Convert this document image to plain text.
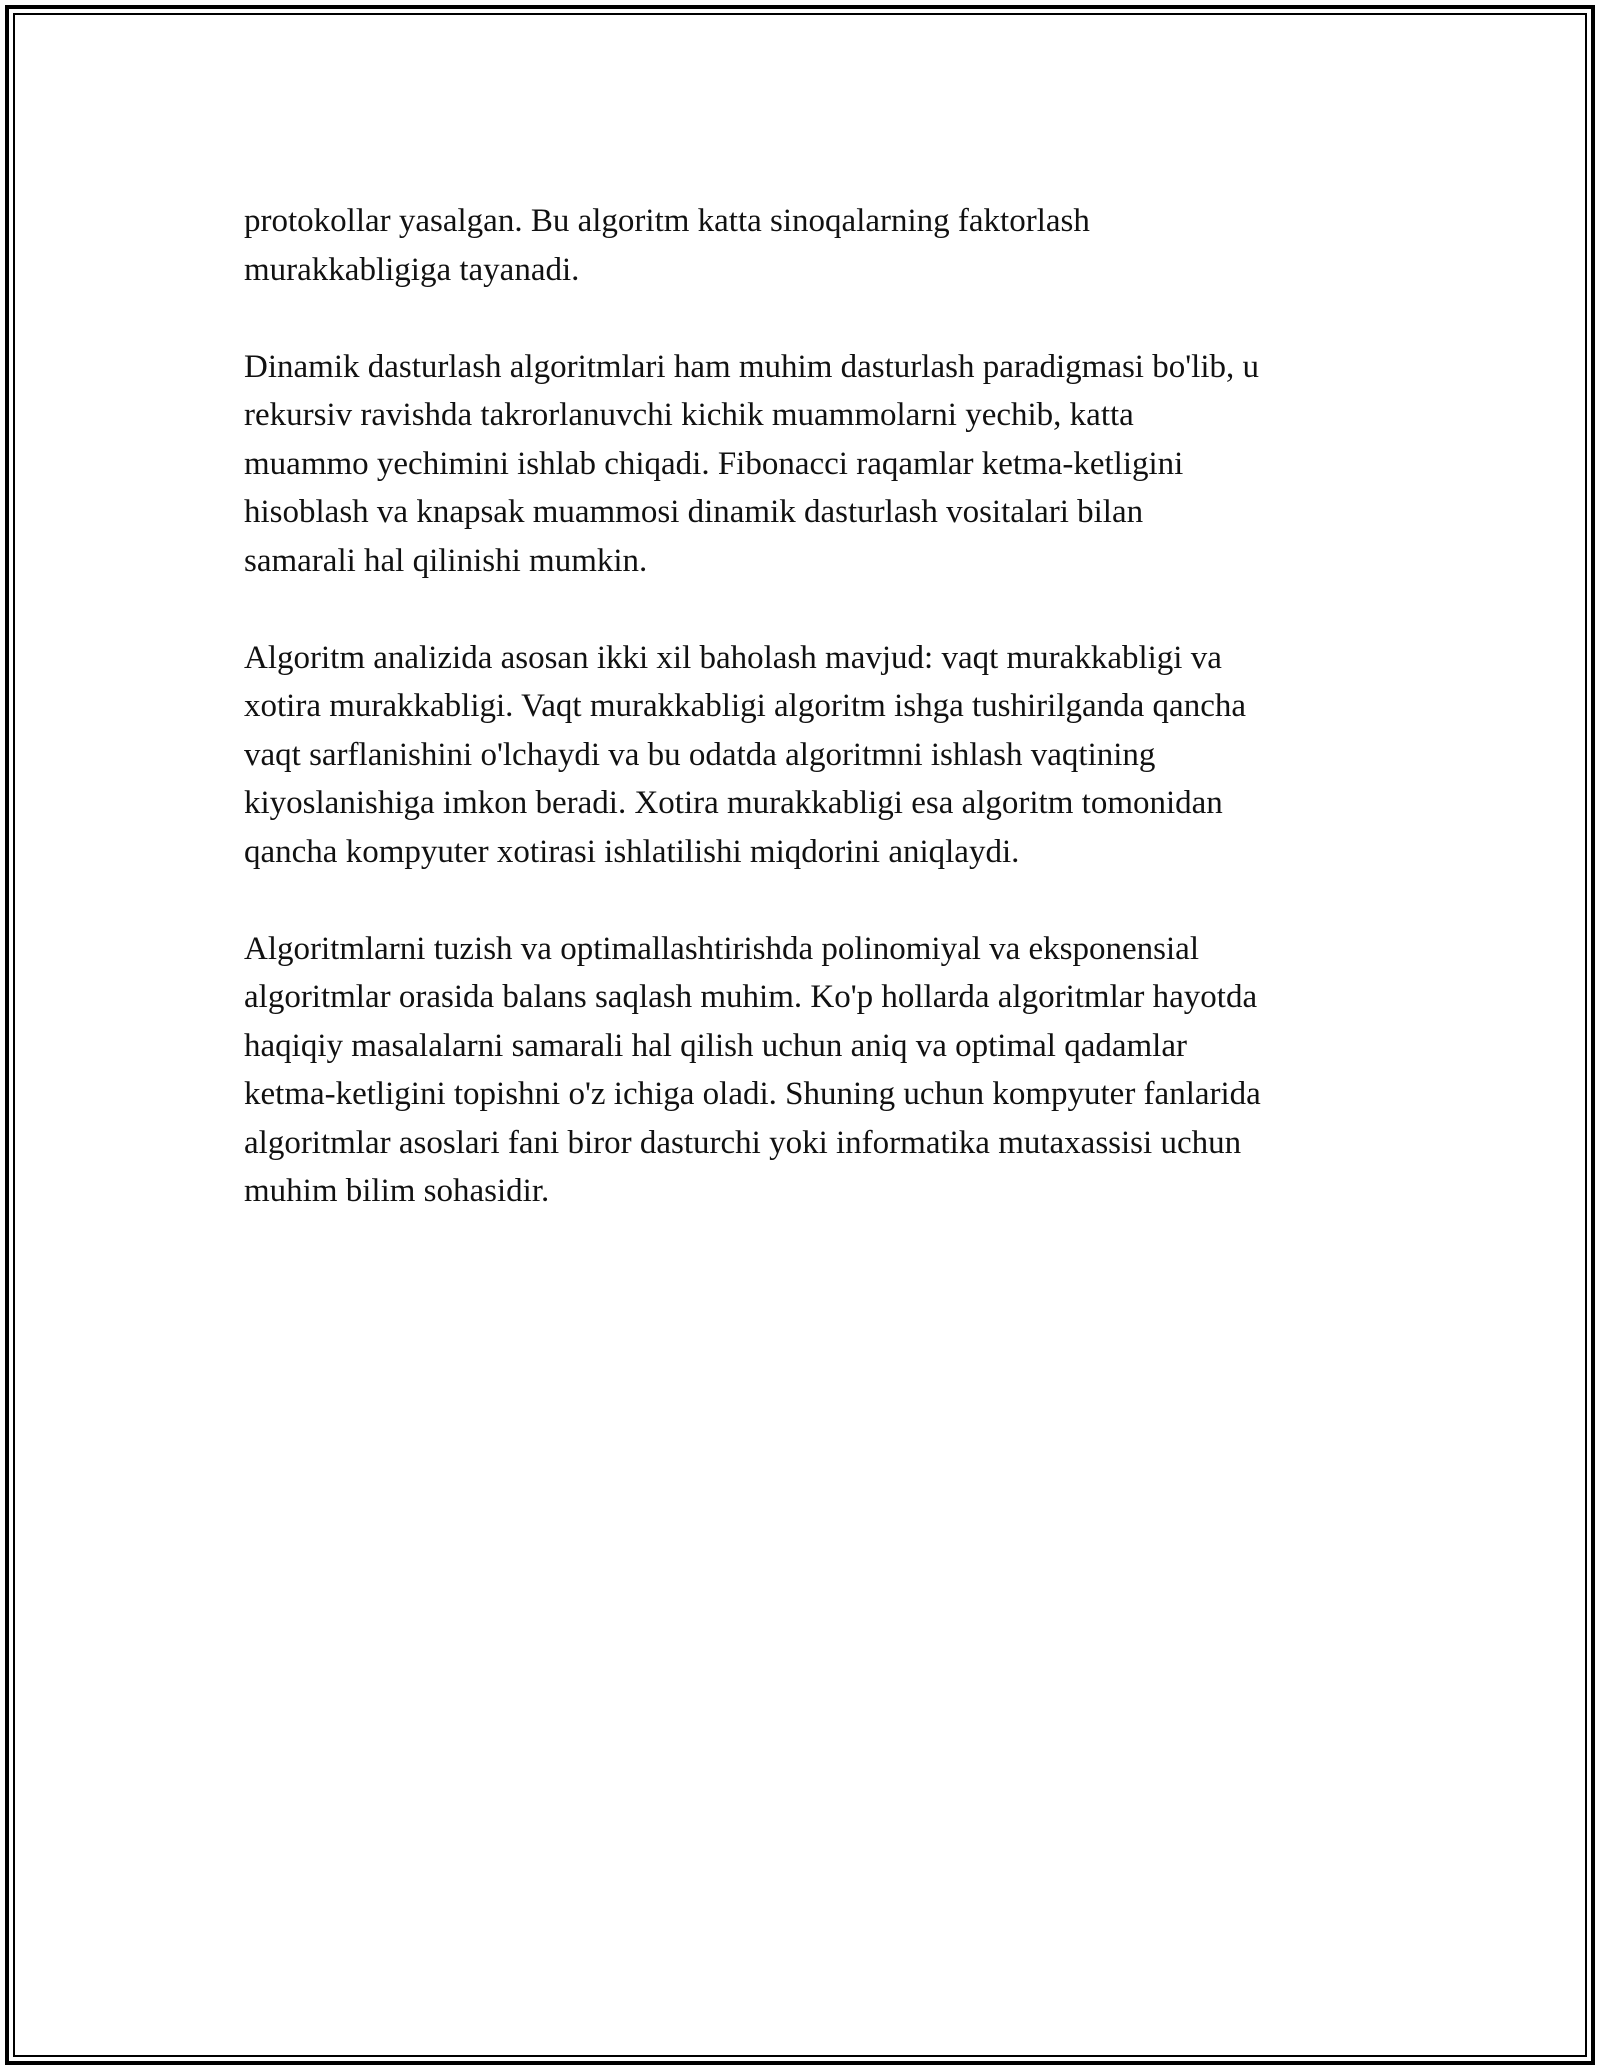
protokollar yasalgan. Bu algoritm katta sinoqalarning faktorlash
murakkabligiga tayanadi.

Dinamik dasturlash algoritmlari ham muhim dasturlash paradigmasi bo'lib, u
rekursiv ravishda takrorlanuvchi kichik muammolarni yechib, katta
muammo yechimini ishlab chiqadi. Fibonacci raqamlar ketma-ketligini
hisoblash va knapsak muammosi dinamik dasturlash vositalari bilan
samarali hal qilinishi mumkin.

Algoritm analizida asosan ikki xil baholash mavjud: vaqt murakkabligi va
xotira murakkabligi. Vaqt murakkabligi algoritm ishga tushirilganda qancha
vaqt sarflanishini o'lchaydi va bu odatda algoritmni ishlash vaqtining
kiyoslanishiga imkon beradi. Xotira murakkabligi esa algoritm tomonidan
qancha kompyuter xotirasi ishlatilishi miqdorini aniqlaydi.

Algoritmlarni tuzish va optimallashtirishda polinomiyal va eksponensial
algoritmlar orasida balans saqlash muhim. Ko'p hollarda algoritmlar hayotda
haqiqiy masalalarni samarali hal qilish uchun aniq va optimal qadamlar
ketma-ketligini topishni o'z ichiga oladi. Shuning uchun kompyuter fanlarida
algoritmlar asoslari fani biror dasturchi yoki informatika mutaxassisi uchun
muhim bilim sohasidir.
